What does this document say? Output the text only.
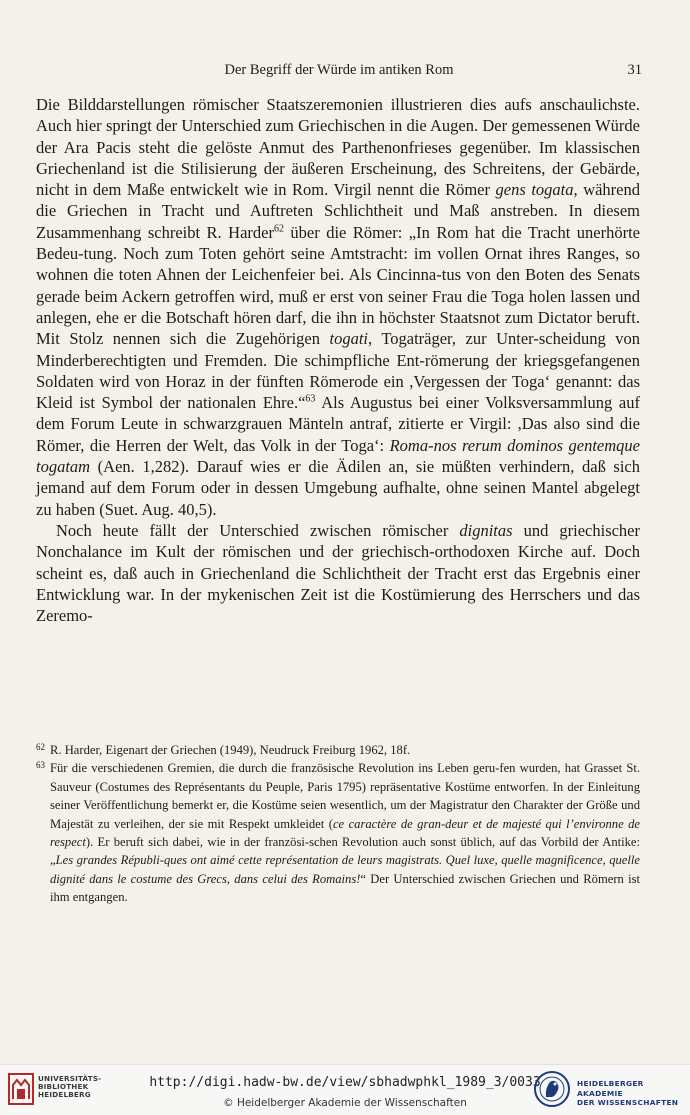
Der Begriff der Würde im antiken Rom	31

Die Bilddarstellungen römischer Staatszeremonien illustrieren dies aufs anschaulichste. Auch hier springt der Unterschied zum Griechischen in die Augen. Der gemessenen Würde der Ara Pacis steht die gelöste Anmut des Parthenonfrieses gegenüber. Im klassischen Griechenland ist die Stilisierung der äußeren Erscheinung, des Schreitens, der Gebärde, nicht in dem Maße entwickelt wie in Rom. Virgil nennt die Römer gens togata, während die Griechen in Tracht und Auftreten Schlichtheit und Maß anstreben. In diesem Zusammenhang schreibt R. Harder$^{62}$ über die Römer: „In Rom hat die Tracht unerhörte Bedeu-tung. Noch zum Toten gehört seine Amtstracht: im vollen Ornat ihres Ranges, so wohnen die toten Ahnen der Leichenfeier bei. Als Cincinna-tus von den Boten des Senats gerade beim Ackern getroffen wird, muß er erst von seiner Frau die Toga holen lassen und anlegen, ehe er die Botschaft hören darf, die ihn in höchster Staatsnot zum Dictator beruft. Mit Stolz nennen sich die Zugehörigen togati, Togaträger, zur Unter-scheidung von Minderberechtigten und Fremden. Die schimpfliche Ent-römerung der kriegsgefangenen Soldaten wird von Horaz in der fünften Römerode ein ,Vergessen der Toga‘ genannt: das Kleid ist Symbol der nationalen Ehre.“$^{63}$ Als Augustus bei einer Volksversammlung auf dem Forum Leute in schwarzgrauen Mänteln antraf, zitierte er Virgil: ,Das also sind die Römer, die Herren der Welt, das Volk in der Toga‘: Roma-nos rerum dominos gentemque togatam (Aen. 1,282). Darauf wies er die Ädilen an, sie müßten verhindern, daß sich jemand auf dem Forum oder in dessen Umgebung aufhalte, ohne seinen Mantel abgelegt zu haben (Suet. Aug. 40,5).

Noch heute fällt der Unterschied zwischen römischer dignitas und griechischer Nonchalance im Kult der römischen und der griechisch-orthodoxen Kirche auf. Doch scheint es, daß auch in Griechenland die Schlichtheit der Tracht erst das Ergebnis einer Entwicklung war. In der mykenischen Zeit ist die Kostümierung des Herrschers und das Zeremo-

62 R. Harder, Eigenart der Griechen (1949), Neudruck Freiburg 1962, 18f.

63 Für die verschiedenen Gremien, die durch die französische Revolution ins Leben geru-fen wurden, hat Grasset St. Sauveur (Costumes des Représentants du Peuple, Paris 1795) repräsentative Kostüme entworfen. In der Einleitung seiner Veröffentlichung bemerkt er, die Kostüme seien wesentlich, um der Magistratur den Charakter der Größe und Majestät zu verleihen, der sie mit Respekt umkleidet (ce caractère de gran-deur et de majesté qui l’environne de respect). Er beruft sich dabei, wie in der französi-schen Revolution auch sonst üblich, auf das Vorbild der Antike: „Les grandes Républi-ques ont aimé cette représentation de leurs magistrats. Quel luxe, quelle magnificence, quelle dignité dans le costume des Grecs, dans celui des Romains!“ Der Unterschied zwischen Griechen und Römern ist ihm entgangen.

UNIVERSITÄTS-
BIBLIOTHEK
HEIDELBERG
http://digi.hadw-bw.de/view/sbhadwphkl_1989_3/0033
© Heidelberger Akademie der Wissenschaften
HEIDELBERGER AKADEMIE
DER WISSENSCHAFTEN
